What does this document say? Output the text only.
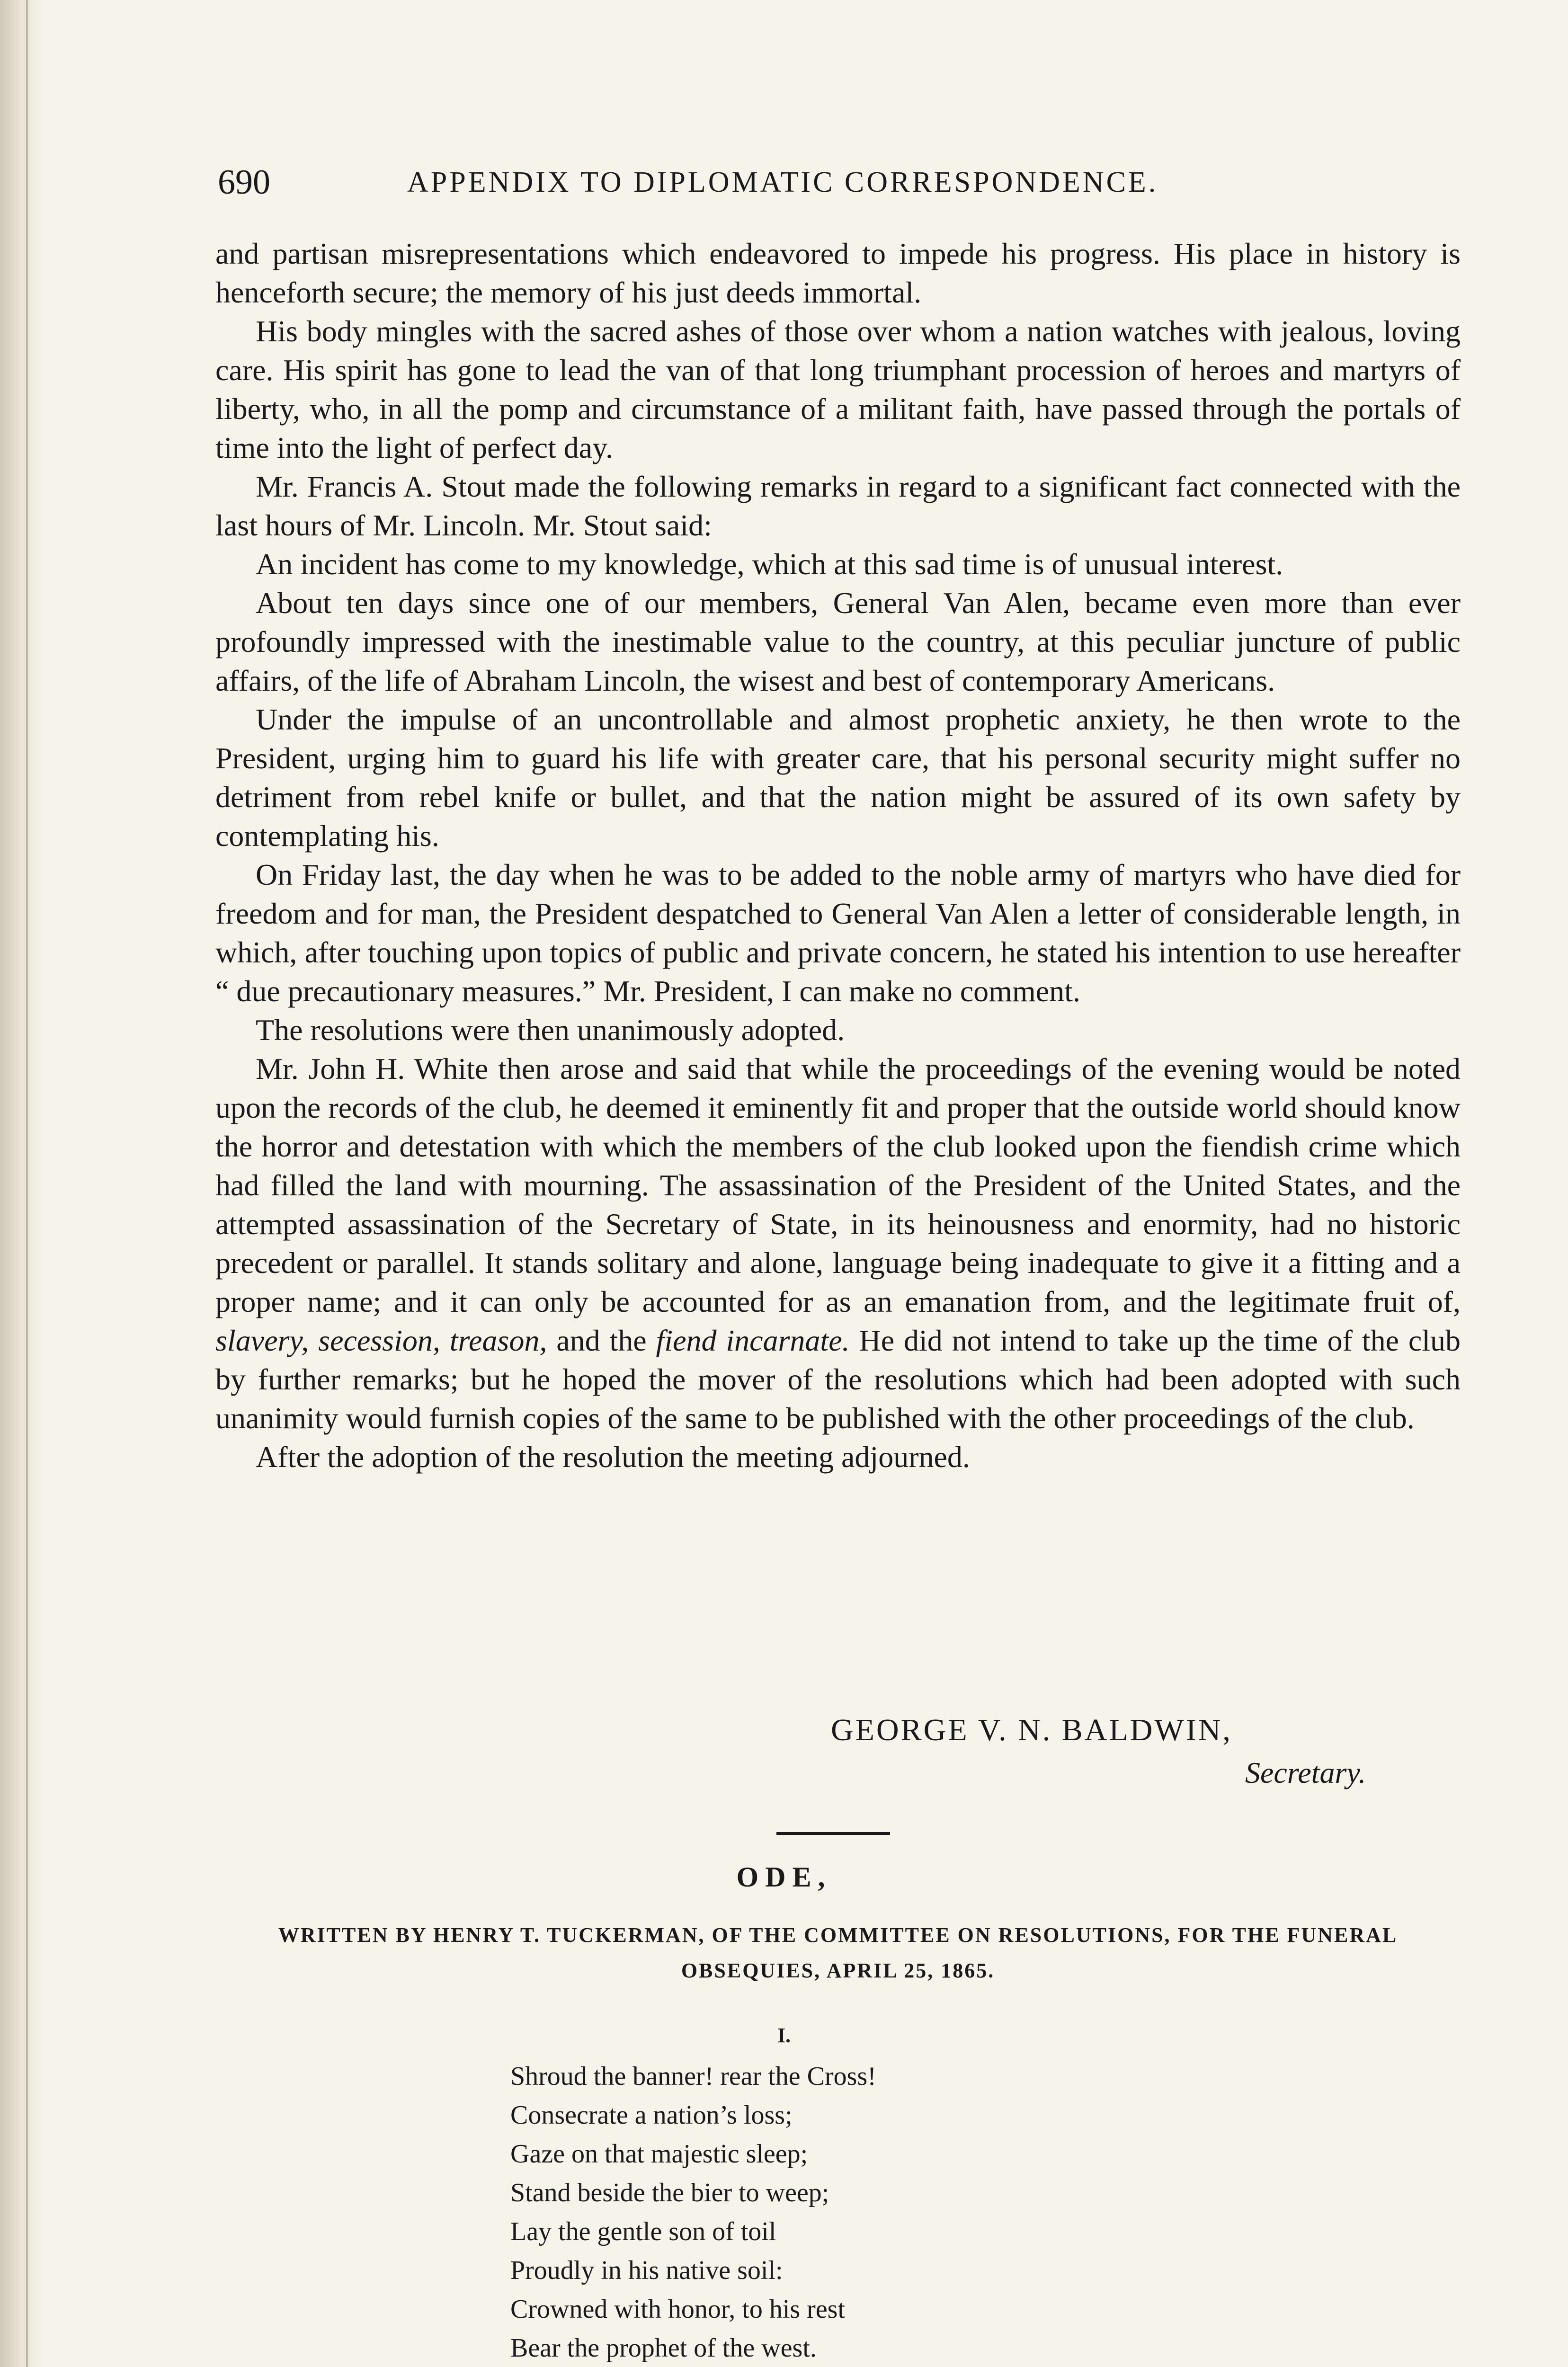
690	APPENDIX TO DIPLOMATIC CORRESPONDENCE.

and partisan misrepresentations which endeavored to impede his progress. His place in history is henceforth secure; the memory of his just deeds immortal.

His body mingles with the sacred ashes of those over whom a nation watches with jealous, loving care. His spirit has gone to lead the van of that long triumphant procession of heroes and martyrs of liberty, who, in all the pomp and circumstance of a militant faith, have passed through the portals of time into the light of perfect day.

Mr. Francis A. Stout made the following remarks in regard to a significant fact connected with the last hours of Mr. Lincoln. Mr. Stout said:

An incident has come to my knowledge, which at this sad time is of unusual interest.

About ten days since one of our members, General Van Alen, became even more than ever profoundly impressed with the inestimable value to the country, at this peculiar juncture of public affairs, of the life of Abraham Lincoln, the wisest and best of contemporary Americans.

Under the impulse of an uncontrollable and almost prophetic anxiety, he then wrote to the President, urging him to guard his life with greater care, that his personal security might suffer no detriment from rebel knife or bullet, and that the nation might be assured of its own safety by contemplating his.

On Friday last, the day when he was to be added to the noble army of martyrs who have died for freedom and for man, the President despatched to General Van Alen a letter of considerable length, in which, after touching upon topics of public and private concern, he stated his intention to use hereafter “ due precautionary measures.” Mr. President, I can make no comment.

The resolutions were then unanimously adopted.

Mr. John H. White then arose and said that while the proceedings of the evening would be noted upon the records of the club, he deemed it eminently fit and proper that the outside world should know the horror and detestation with which the members of the club looked upon the fiendish crime which had filled the land with mourning. The assassination of the President of the United States, and the attempted assassination of the Secretary of State, in its heinousness and enormity, had no historic precedent or parallel. It stands solitary and alone, language being inadequate to give it a fitting and a proper name; and it can only be accounted for as an emanation from, and the legitimate fruit of, slavery, secession, treason, and the fiend incarnate. He did not intend to take up the time of the club by further remarks; but he hoped the mover of the resolutions which had been adopted with such unanimity would furnish copies of the same to be published with the other proceedings of the club.

After the adoption of the resolution the meeting adjourned.

GEORGE V. N. BALDWIN,
Secretary.
ODE,
WRITTEN BY HENRY T. TUCKERMAN, OF THE COMMITTEE ON RESOLUTIONS, FOR THE FUNERAL OBSEQUIES, APRIL 25, 1865.
I.
Shroud the banner! rear the Cross!
Consecrate a nation’s loss;
Gaze on that majestic sleep;
Stand beside the bier to weep;
Lay the gentle son of toil
Proudly in his native soil:
Crowned with honor, to his rest
Bear the prophet of the west.
